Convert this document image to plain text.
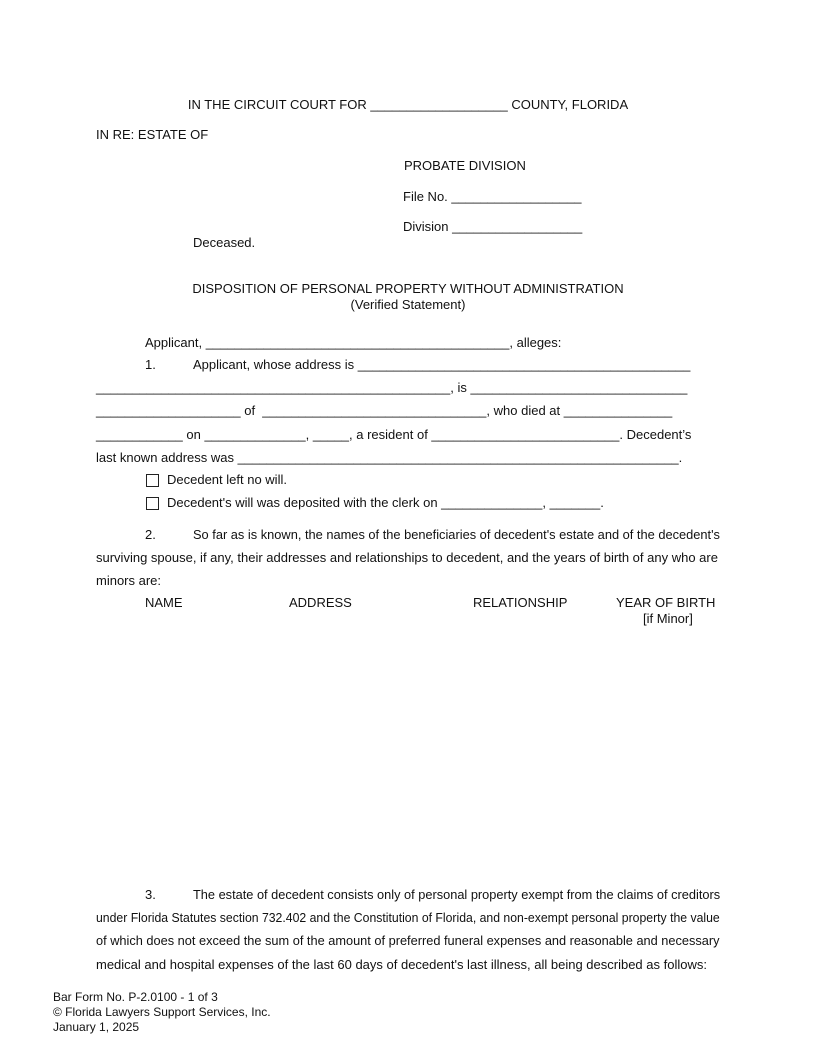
IN THE CIRCUIT COURT FOR ___________________ COUNTY, FLORIDA
IN RE: ESTATE OF
PROBATE DIVISION
File No. __________________
Division __________________
Deceased.
DISPOSITION OF PERSONAL PROPERTY WITHOUT ADMINISTRATION
(Verified Statement)
Applicant, __________________________________________, alleges:
1.	Applicant, whose address is ______________________________________________
_________________________________________________, is ______________________________
____________________ of  _______________________________, who died at _______________
____________ on ______________, _____, a resident of __________________________. Decedent’s
last known address was _____________________________________________________________.
Decedent left no will.
Decedent's will was deposited with the clerk on ______________, _______.
2.	So far as is known, the names of the beneficiaries of decedent's estate and of the decedent's
surviving spouse, if any, their addresses and relationships to decedent, and the years of birth of any who are
minors are:
NAME	ADDRESS	RELATIONSHIP	YEAR OF BIRTH
[if Minor]
3.	The estate of decedent consists only of personal property exempt from the claims of creditors
under Florida Statutes section 732.402 and the Constitution of Florida, and non-exempt personal property the value
of which does not exceed the sum of the amount of preferred funeral expenses and reasonable and necessary
medical and hospital expenses of the last 60 days of decedent's last illness, all being described as follows:
Bar Form No. P-2.0100 - 1 of 3
© Florida Lawyers Support Services, Inc.
January 1, 2025
